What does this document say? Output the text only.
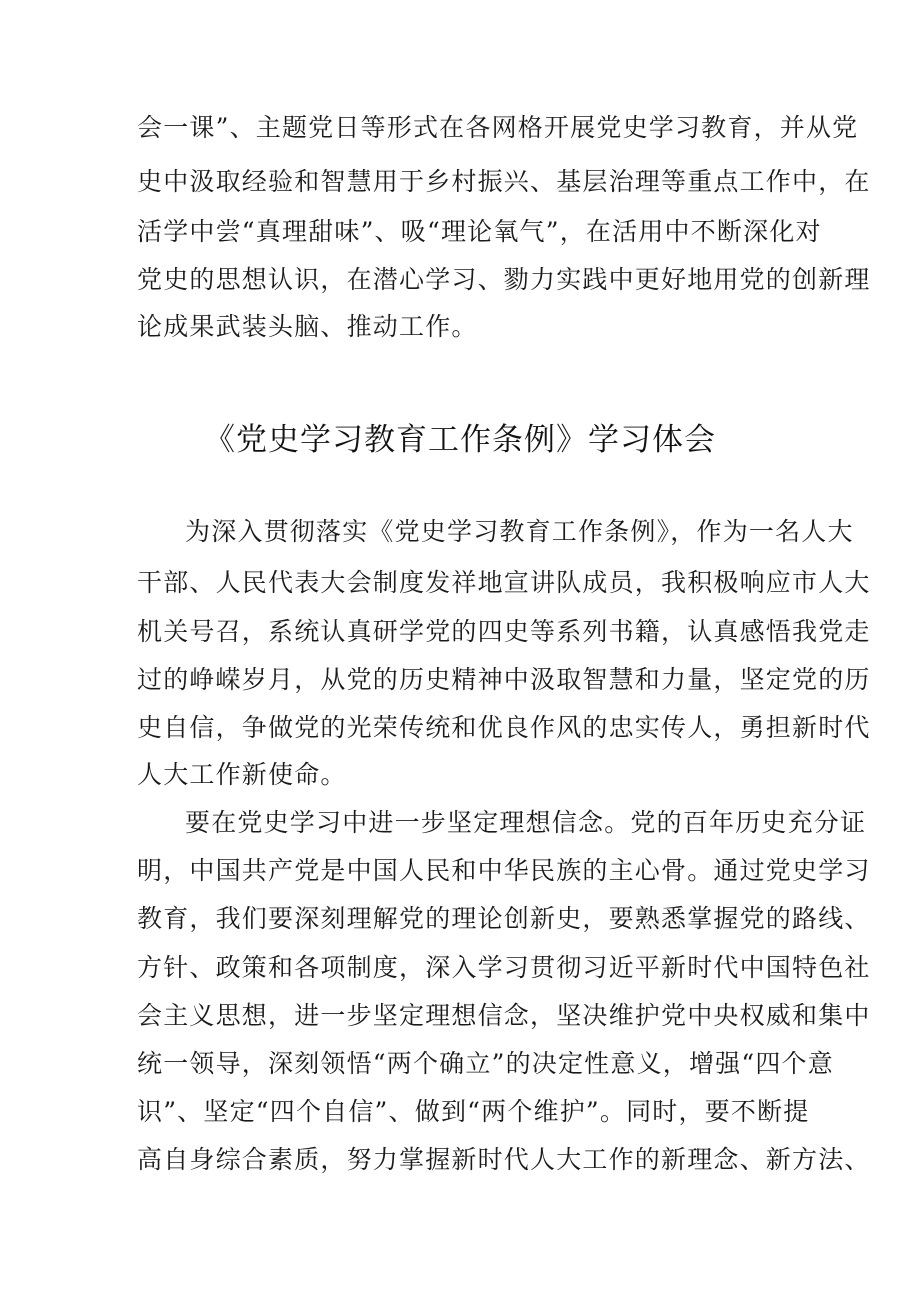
会一课”、主题党日等形式在各网格开展党史学习教育，并从党
史中汲取经验和智慧用于乡村振兴、基层治理等重点工作中，在
活学中尝“真理甜味”、吸“理论氧气”，在活用中不断深化对
党史的思想认识，在潜心学习、勠力实践中更好地用党的创新理
论成果武装头脑、推动工作。
《党史学习教育工作条例》学习体会
为深入贯彻落实《党史学习教育工作条例》，作为一名人大
干部、人民代表大会制度发祥地宣讲队成员，我积极响应市人大
机关号召，系统认真研学党的四史等系列书籍，认真感悟我党走
过的峥嵘岁月，从党的历史精神中汲取智慧和力量，坚定党的历
史自信，争做党的光荣传统和优良作风的忠实传人，勇担新时代
人大工作新使命。
要在党史学习中进一步坚定理想信念。党的百年历史充分证
明，中国共产党是中国人民和中华民族的主心骨。通过党史学习
教育，我们要深刻理解党的理论创新史，要熟悉掌握党的路线、
方针、政策和各项制度，深入学习贯彻习近平新时代中国特色社
会主义思想，进一步坚定理想信念，坚决维护党中央权威和集中
统一领导，深刻领悟“两个确立”的决定性意义，增强“四个意
识”、坚定“四个自信”、做到“两个维护”。同时，要不断提
高自身综合素质，努力掌握新时代人大工作的新理念、新方法、
